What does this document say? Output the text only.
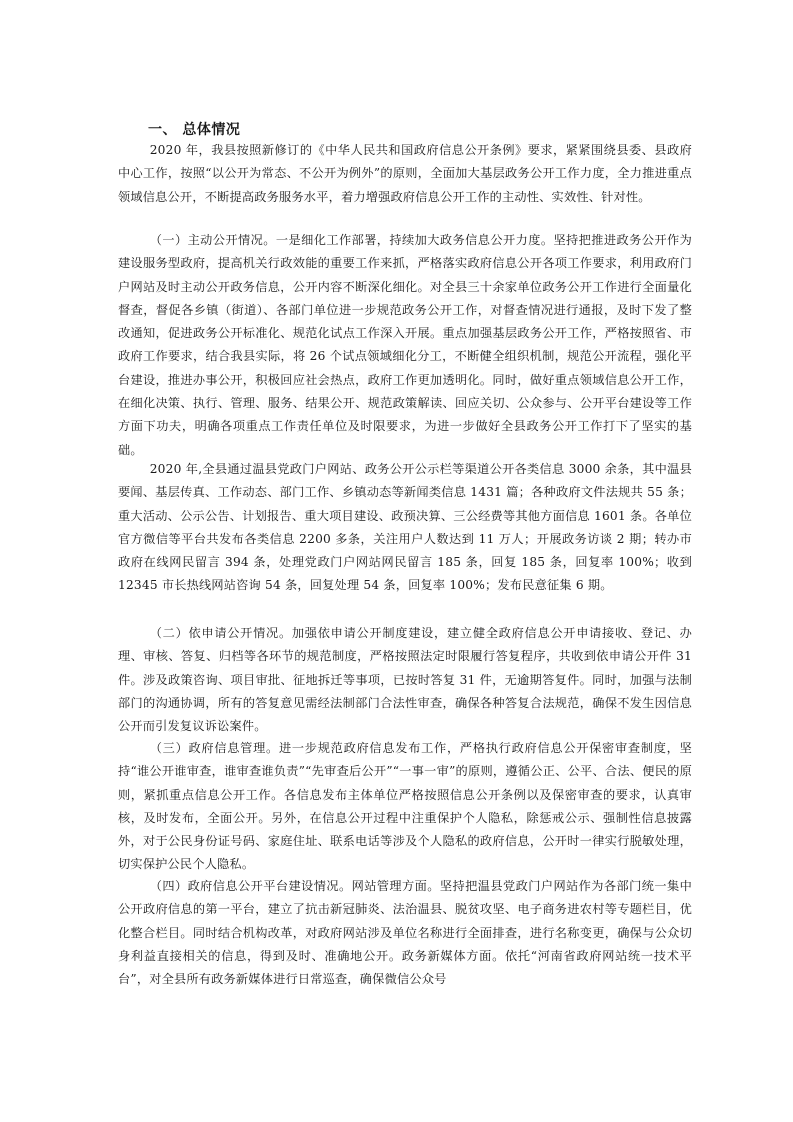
一、 总体情况

2020 年，我县按照新修订的《中华人民共和国政府信息公开条例》要求，紧紧围绕县委、县政府中心工作，按照“以公开为常态、不公开为例外”的原则，全面加大基层政务公开工作力度，全力推进重点领域信息公开，不断提高政务服务水平，着力增强政府信息公开工作的主动性、实效性、针对性。

（一）主动公开情况。一是细化工作部署，持续加大政务信息公开力度。坚持把推进政务公开作为建设服务型政府，提高机关行政效能的重要工作来抓，严格落实政府信息公开各项工作要求，利用政府门户网站及时主动公开政务信息，公开内容不断深化细化。对全县三十余家单位政务公开工作进行全面量化督查，督促各乡镇（街道）、各部门单位进一步规范政务公开工作，对督查情况进行通报，及时下发了整改通知，促进政务公开标准化、规范化试点工作深入开展。重点加强基层政务公开工作，严格按照省、市政府工作要求，结合我县实际，将 26 个试点领域细化分工，不断健全组织机制，规范公开流程，强化平台建设，推进办事公开，积极回应社会热点，政府工作更加透明化。同时，做好重点领域信息公开工作，在细化决策、执行、管理、服务、结果公开、规范政策解读、回应关切、公众参与、公开平台建设等工作方面下功夫，明确各项重点工作责任单位及时限要求，为进一步做好全县政务公开工作打下了坚实的基础。

2020 年,全县通过温县党政门户网站、政务公开公示栏等渠道公开各类信息 3000 余条，其中温县要闻、基层传真、工作动态、部门工作、乡镇动态等新闻类信息 1431 篇；各种政府文件法规共 55 条；重大活动、公示公告、计划报告、重大项目建设、政预决算、三公经费等其他方面信息 1601 条。各单位官方微信等平台共发布各类信息 2200 多条，关注用户人数达到 11 万人；开展政务访谈 2 期；转办市政府在线网民留言 394 条，处理党政门户网站网民留言 185 条，回复 185 条，回复率 100%；收到 12345 市长热线网站咨询 54 条，回复处理 54 条，回复率 100%；发布民意征集 6 期。

（二）依申请公开情况。加强依申请公开制度建设，建立健全政府信息公开申请接收、登记、办理、审核、答复、归档等各环节的规范制度，严格按照法定时限履行答复程序，共收到依申请公开件 31 件。涉及政策咨询、项目审批、征地拆迁等事项，已按时答复 31 件，无逾期答复件。同时，加强与法制部门的沟通协调，所有的答复意见需经法制部门合法性审查，确保各种答复合法规范，确保不发生因信息公开而引发复议诉讼案件。

（三）政府信息管理。进一步规范政府信息发布工作，严格执行政府信息公开保密审查制度，坚持“谁公开谁审查，谁审查谁负责”“先审查后公开”“一事一审”的原则，遵循公正、公平、合法、便民的原则，紧抓重点信息公开工作。各信息发布主体单位严格按照信息公开条例以及保密审查的要求，认真审核，及时发布，全面公开。另外，在信息公开过程中注重保护个人隐私，除惩戒公示、强制性信息披露外，对于公民身份证号码、家庭住址、联系电话等涉及个人隐私的政府信息，公开时一律实行脱敏处理，切实保护公民个人隐私。

（四）政府信息公开平台建设情况。网站管理方面。坚持把温县党政门户网站作为各部门统一集中公开政府信息的第一平台，建立了抗击新冠肺炎、法治温县、脱贫攻坚、电子商务进农村等专题栏目，优化整合栏目。同时结合机构改革，对政府网站涉及单位名称进行全面排查，进行名称变更，确保与公众切身利益直接相关的信息，得到及时、准确地公开。政务新媒体方面。依托“河南省政府网站统一技术平台”，对全县所有政务新媒体进行日常巡查，确保微信公众号
